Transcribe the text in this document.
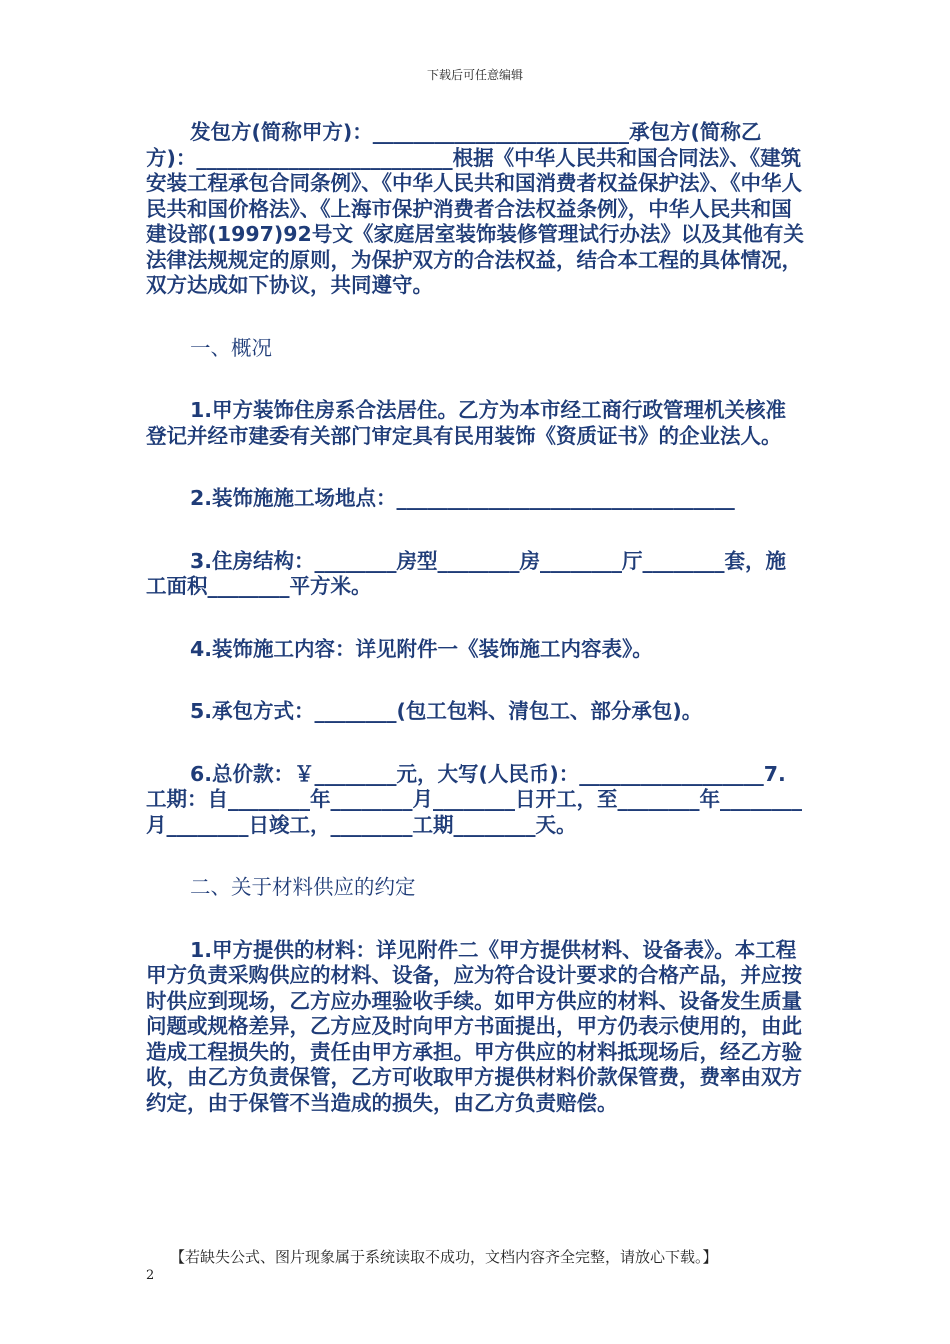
下载后可任意编辑

发包方(简称甲方)：_________________________承包方(简称乙方)：_________________________根据《中华人民共和国合同法》、《建筑安装工程承包合同条例》、《中华人民共和国消费者权益保护法》、《中华人民共和国价格法》、《上海市保护消费者合法权益条例》，中华人民共和国建设部(1997)92号文《家庭居室装饰装修管理试行办法》以及其他有关法律法规规定的原则，为保护双方的合法权益，结合本工程的具体情况，双方达成如下协议，共同遵守。

一、概况

1.甲方装饰住房系合法居住。乙方为本市经工商行政管理机关核准登记并经市建委有关部门审定具有民用装饰《资质证书》的企业法人。

2.装饰施施工场地点：_________________________________

3.住房结构：________房型________房________厅________套，施工面积________平方米。

4.装饰施工内容：详见附件一《装饰施工内容表》。

5.承包方式：________(包工包料、清包工、部分承包)。

6.总价款：￥________元，大写(人民币)：__________________7.工期：自________年________月________日开工，至________年________月________日竣工，________工期________天。

二、关于材料供应的约定

1.甲方提供的材料：详见附件二《甲方提供材料、设备表》。本工程甲方负责采购供应的材料、设备，应为符合设计要求的合格产品，并应按时供应到现场，乙方应办理验收手续。如甲方供应的材料、设备发生质量问题或规格差异，乙方应及时向甲方书面提出，甲方仍表示使用的，由此造成工程损失的，责任由甲方承担。甲方供应的材料抵现场后，经乙方验收，由乙方负责保管，乙方可收取甲方提供材料价款保管费，费率由双方约定，由于保管不当造成的损失，由乙方负责赔偿。

【若缺失公式、图片现象属于系统读取不成功，文档内容齐全完整，请放心下载。】
2
